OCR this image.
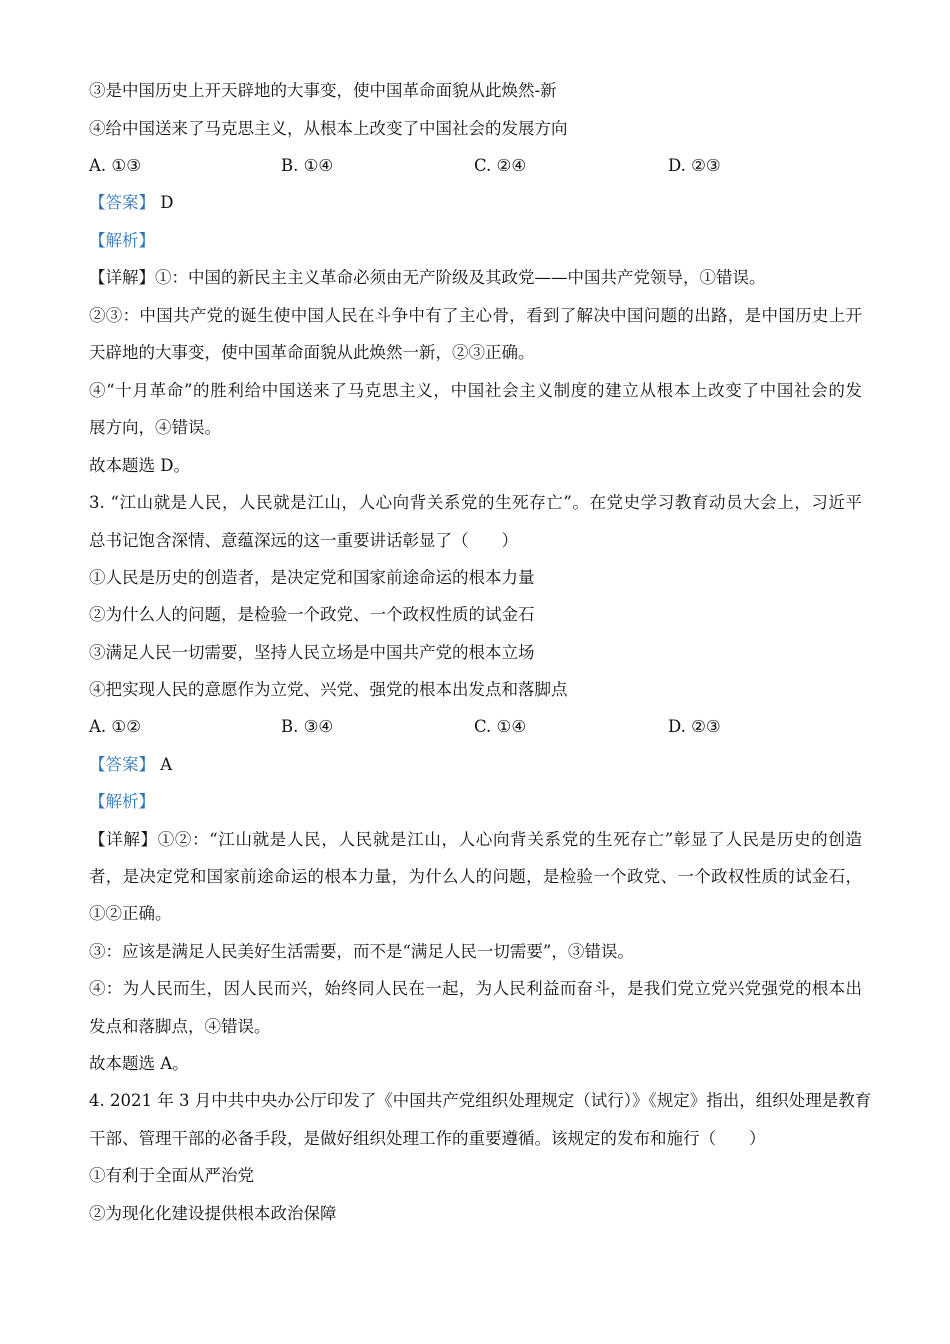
③是中国历史上开天辟地的大事变，使中国革命面貌从此焕然-新
④给中国送来了马克思主义，从根本上改变了中国社会的发展方向
A. ①③	B. ①④	C. ②④	D. ②③
【答案】 D
【解析】
【详解】①：中国的新民主主义革命必须由无产阶级及其政党——中国共产党领导，①错误。
②③：中国共产党的诞生使中国人民在斗争中有了主心骨，看到了解决中国问题的出路，是中国历史上开
天辟地的大事变，使中国革命面貌从此焕然一新，②③正确。
④“十月革命”的胜利给中国送来了马克思主义，中国社会主义制度的建立从根本上改变了中国社会的发
展方向，④错误。
故本题选 D。
3. “江山就是人民，人民就是江山，人心向背关系党的生死存亡”。在党史学习教育动员大会上，习近平
总书记饱含深情、意蕴深远的这一重要讲话彰显了（　　）
①人民是历史的创造者，是决定党和国家前途命运的根本力量
②为什么人的问题，是检验一个政党、一个政权性质的试金石
③满足人民一切需要，坚持人民立场是中国共产党的根本立场
④把实现人民的意愿作为立党、兴党、强党的根本出发点和落脚点
A. ①②	B. ③④	C. ①④	D. ②③
【答案】 A
【解析】
【详解】①②：“江山就是人民，人民就是江山，人心向背关系党的生死存亡”彰显了人民是历史的创造
者，是决定党和国家前途命运的根本力量，为什么人的问题，是检验一个政党、一个政权性质的试金石，
①②正确。
③：应该是满足人民美好生活需要，而不是“满足人民一切需要”，③错误。
④：为人民而生，因人民而兴，始终同人民在一起，为人民利益而奋斗，是我们党立党兴党强党的根本出
发点和落脚点，④错误。
故本题选 A。
4. 2021 年 3 月中共中央办公厅印发了《中国共产党组织处理规定（试行）》《规定》指出，组织处理是教育
干部、管理干部的必备手段，是做好组织处理工作的重要遵循。该规定的发布和施行（　　）
①有利于全面从严治党
②为现化化建设提供根本政治保障
